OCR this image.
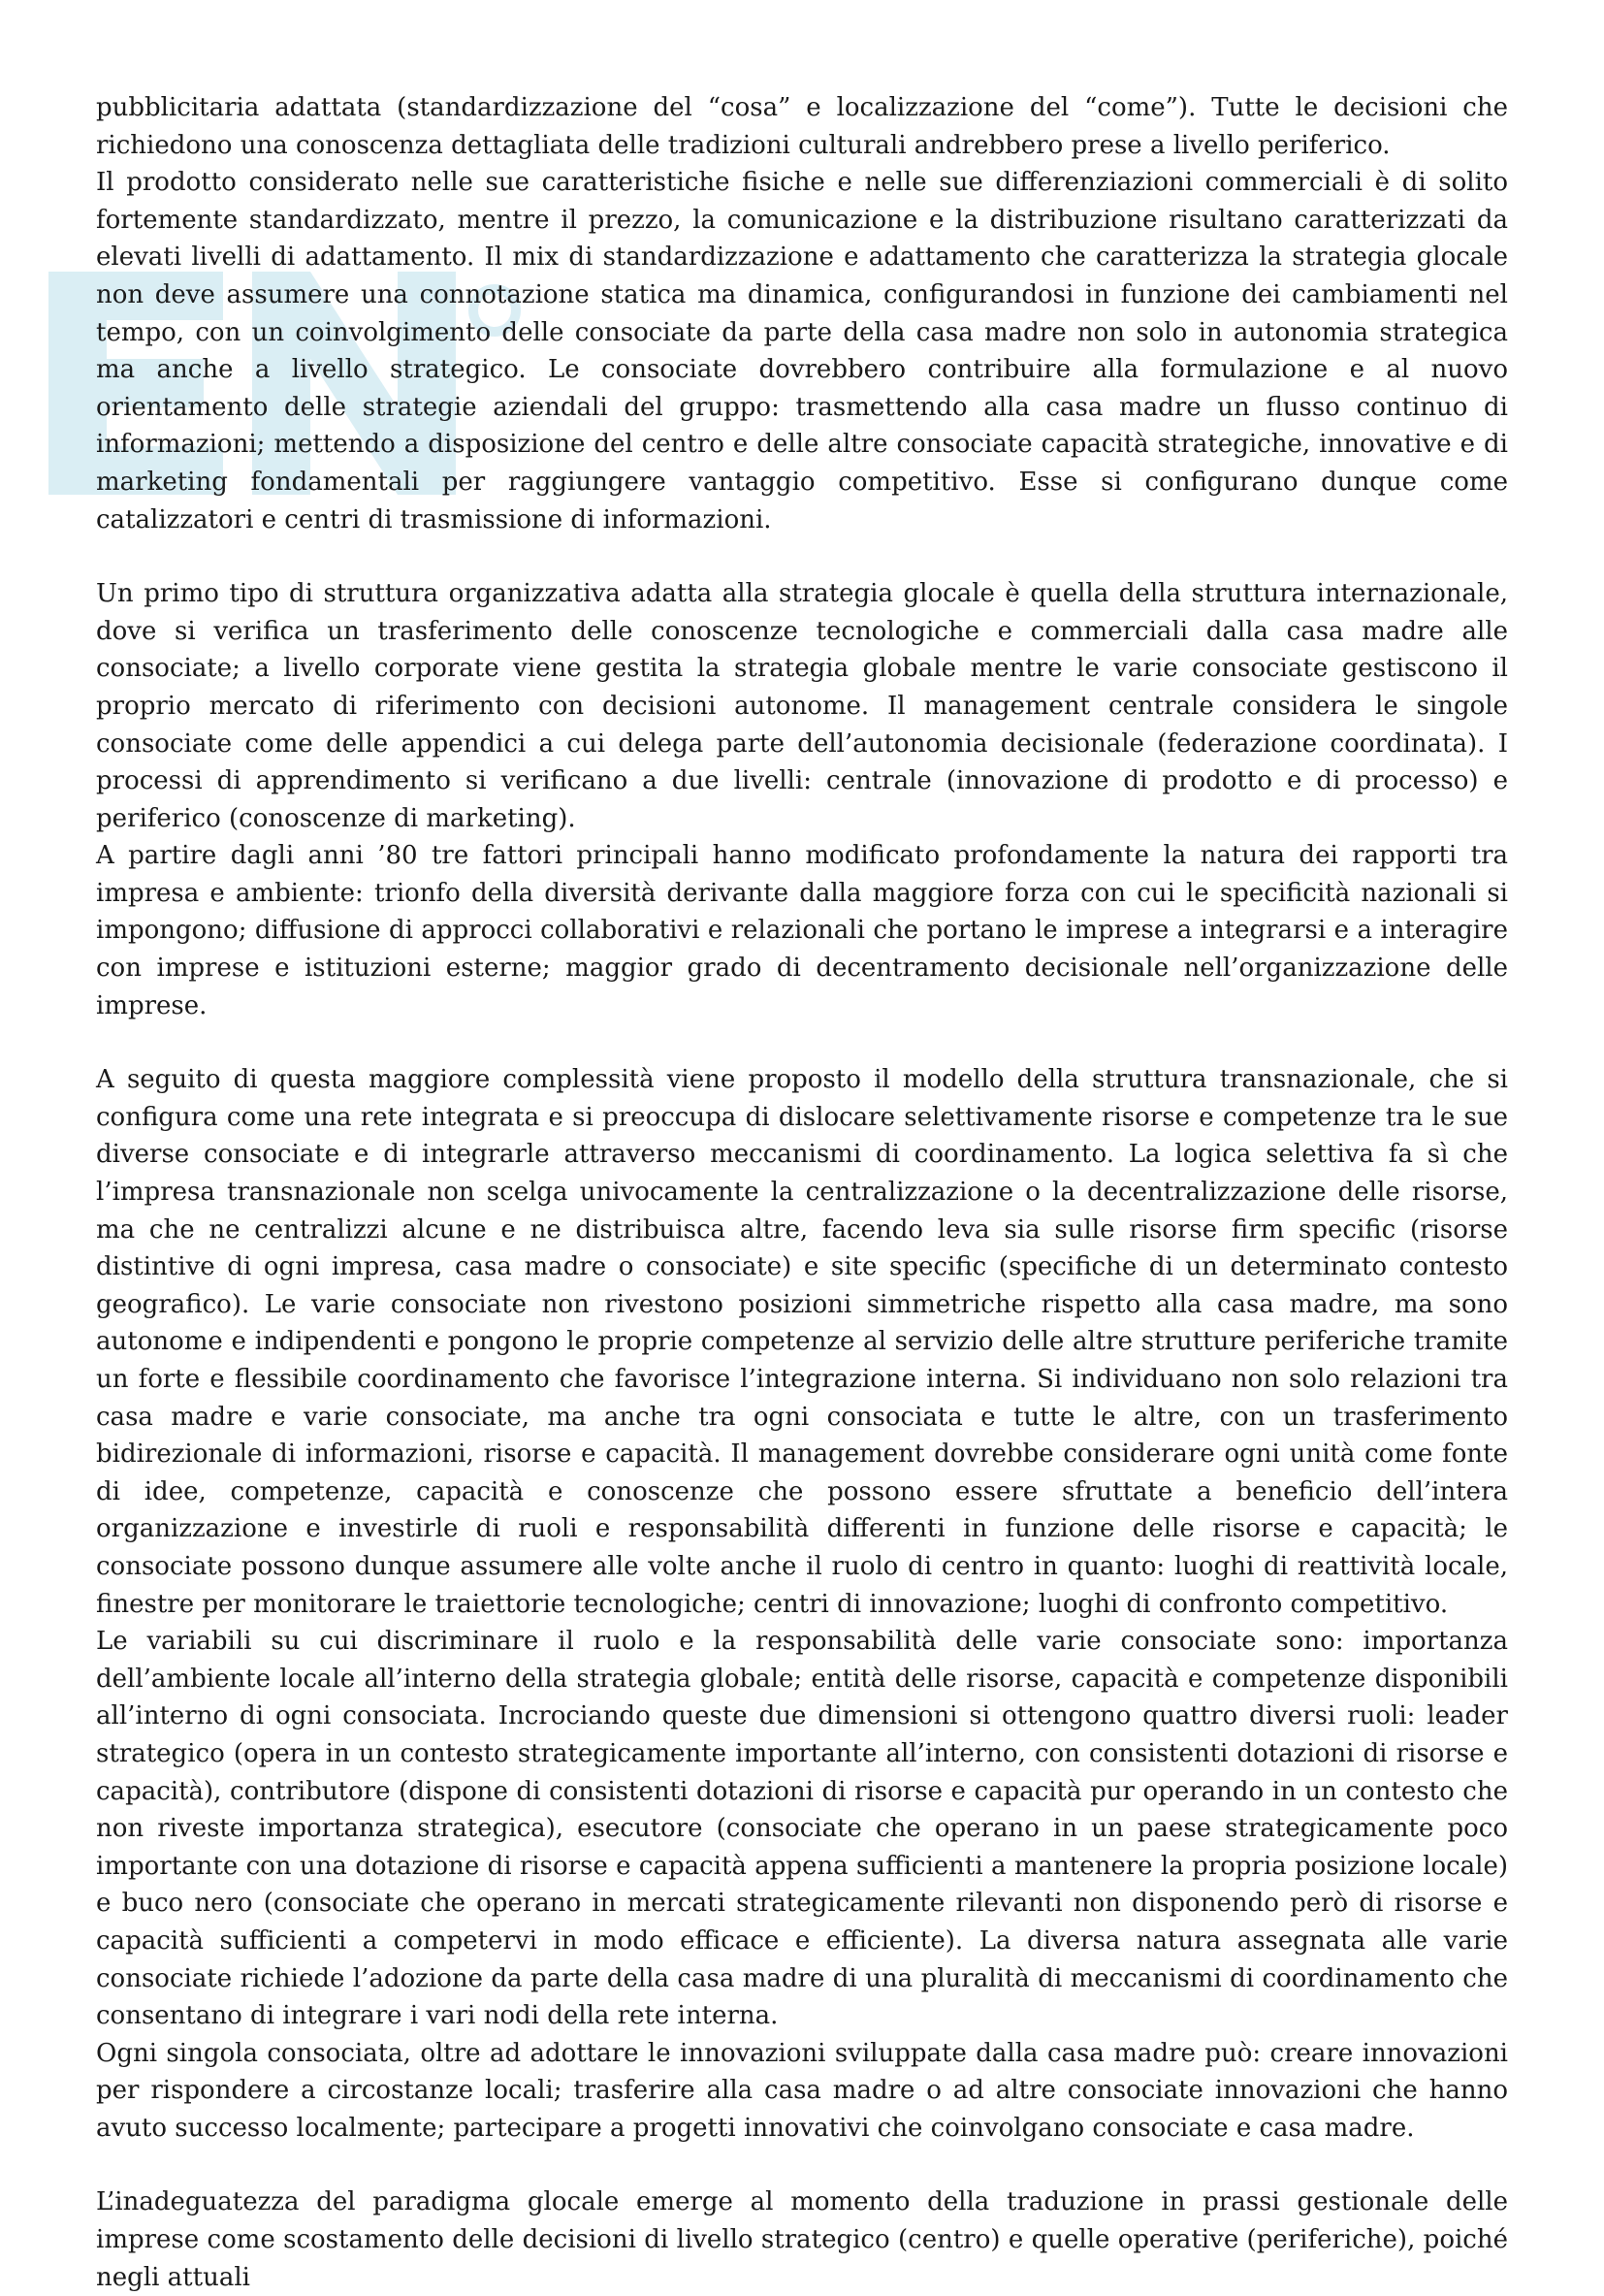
pubblicitaria adattata (standardizzazione del “cosa” e localizzazione del “come”). Tutte le decisioni che richiedono una conoscenza dettagliata delle tradizioni culturali andrebbero prese a livello periferico.

Il prodotto considerato nelle sue caratteristiche fisiche e nelle sue differenziazioni commerciali è di solito fortemente standardizzato, mentre il prezzo, la comunicazione e la distribuzione risultano caratterizzati da elevati livelli di adattamento. Il mix di standardizzazione e adattamento che caratterizza la strategia glocale non deve assumere una connotazione statica ma dinamica, configurandosi in funzione dei cambiamenti nel tempo, con un coinvolgimento delle consociate da parte della casa madre non solo in autonomia strategica ma anche a livello strategico. Le consociate dovrebbero contribuire alla formulazione e al nuovo orientamento delle strategie aziendali del gruppo: trasmettendo alla casa madre un flusso continuo di informazioni; mettendo a disposizione del centro e delle altre consociate capacità strategiche, innovative e di marketing fondamentali per raggiungere vantaggio competitivo. Esse si configurano dunque come catalizzatori e centri di trasmissione di informazioni.

Un primo tipo di struttura organizzativa adatta alla strategia glocale è quella della struttura internazionale, dove si verifica un trasferimento delle conoscenze tecnologiche e commerciali dalla casa madre alle consociate; a livello corporate viene gestita la strategia globale mentre le varie consociate gestiscono il proprio mercato di riferimento con decisioni autonome. Il management centrale considera le singole consociate come delle appendici a cui delega parte dell’autonomia decisionale (federazione coordinata). I processi di apprendimento si verificano a due livelli: centrale (innovazione di prodotto e di processo) e periferico (conoscenze di marketing).

A partire dagli anni ’80 tre fattori principali hanno modificato profondamente la natura dei rapporti tra impresa e ambiente: trionfo della diversità derivante dalla maggiore forza con cui le specificità nazionali si impongono; diffusione di approcci collaborativi e relazionali che portano le imprese a integrarsi e a interagire con imprese e istituzioni esterne; maggior grado di decentramento decisionale nell’organizzazione delle imprese.

A seguito di questa maggiore complessità viene proposto il modello della struttura transnazionale, che si configura come una rete integrata e si preoccupa di dislocare selettivamente risorse e competenze tra le sue diverse consociate e di integrarle attraverso meccanismi di coordinamento. La logica selettiva fa sì che l’impresa transnazionale non scelga univocamente la centralizzazione o la decentralizzazione delle risorse, ma che ne centralizzi alcune e ne distribuisca altre, facendo leva sia sulle risorse firm specific (risorse distintive di ogni impresa, casa madre o consociate) e site specific (specifiche di un determinato contesto geografico). Le varie consociate non rivestono posizioni simmetriche rispetto alla casa madre, ma sono autonome e indipendenti e pongono le proprie competenze al servizio delle altre strutture periferiche tramite un forte e flessibile coordinamento che favorisce l’integrazione interna. Si individuano non solo relazioni tra casa madre e varie consociate, ma anche tra ogni consociata e tutte le altre, con un trasferimento bidirezionale di informazioni, risorse e capacità. Il management dovrebbe considerare ogni unità come fonte di idee, competenze, capacità e conoscenze che possono essere sfruttate a beneficio dell’intera organizzazione e investirle di ruoli e responsabilità differenti in funzione delle risorse e capacità; le consociate possono dunque assumere alle volte anche il ruolo di centro in quanto: luoghi di reattività locale, finestre per monitorare le traiettorie tecnologiche; centri di innovazione; luoghi di confronto competitivo.

Le variabili su cui discriminare il ruolo e la responsabilità delle varie consociate sono: importanza dell’ambiente locale all’interno della strategia globale; entità delle risorse, capacità e competenze disponibili all’interno di ogni consociata. Incrociando queste due dimensioni si ottengono quattro diversi ruoli: leader strategico (opera in un contesto strategicamente importante all’interno, con consistenti dotazioni di risorse e capacità), contributore (dispone di consistenti dotazioni di risorse e capacità pur operando in un contesto che non riveste importanza strategica), esecutore (consociate che operano in un paese strategicamente poco importante con una dotazione di risorse e capacità appena sufficienti a mantenere la propria posizione locale) e buco nero (consociate che operano in mercati strategicamente rilevanti non disponendo però di risorse e capacità sufficienti a competervi in modo efficace e efficiente). La diversa natura assegnata alle varie consociate richiede l’adozione da parte della casa madre di una pluralità di meccanismi di coordinamento che consentano di integrare i vari nodi della rete interna.

Ogni singola consociata, oltre ad adottare le innovazioni sviluppate dalla casa madre può: creare innovazioni per rispondere a circostanze locali; trasferire alla casa madre o ad altre consociate innovazioni che hanno avuto successo localmente; partecipare a progetti innovativi che coinvolgano consociate e casa madre.

L’inadeguatezza del paradigma glocale emerge al momento della traduzione in prassi gestionale delle imprese come scostamento delle decisioni di livello strategico (centro) e quelle operative (periferiche), poiché negli attuali
